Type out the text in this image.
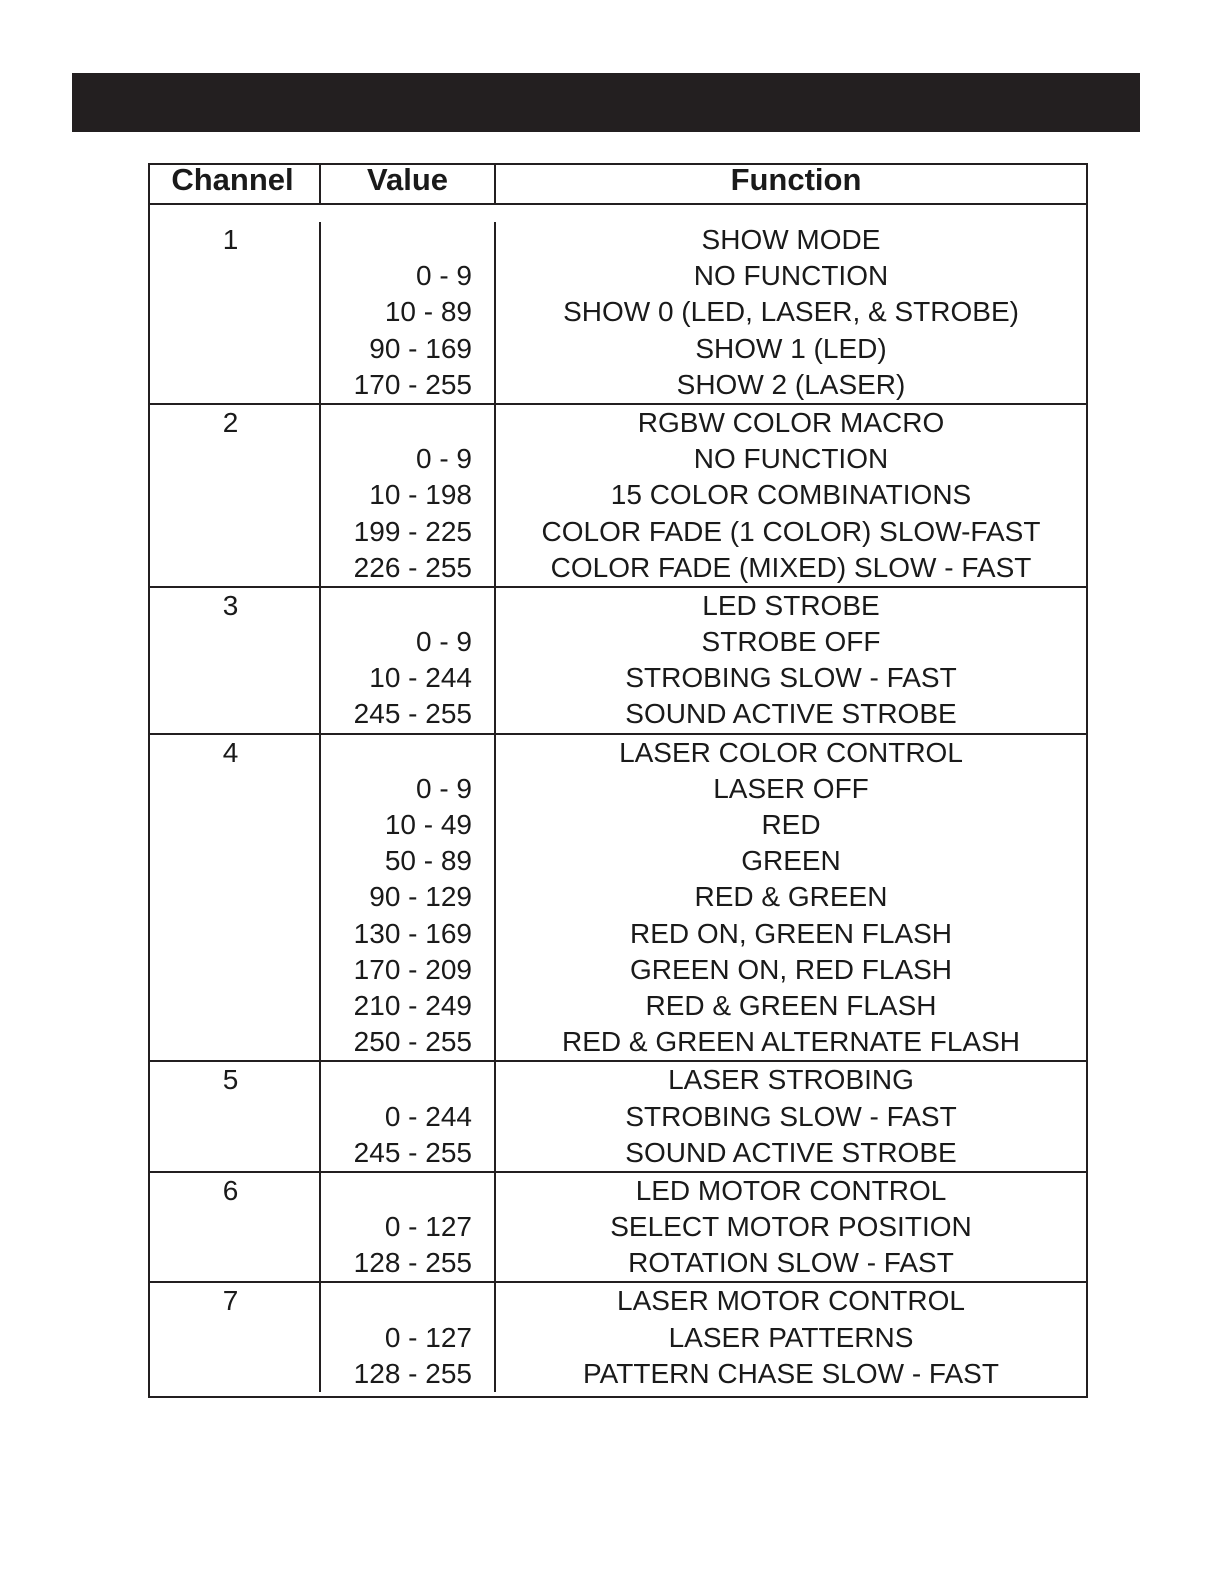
Channel	Value	Function
1
0 - 9
10 - 89
90 - 169
170 - 255
SHOW MODE
NO FUNCTION
SHOW 0 (LED, LASER, & STROBE)
SHOW 1 (LED)
SHOW 2 (LASER)
2
0 - 9
10 - 198
199 - 225
226 - 255
RGBW COLOR MACRO
NO FUNCTION
15 COLOR COMBINATIONS
COLOR FADE (1 COLOR) SLOW-FAST
COLOR FADE (MIXED) SLOW - FAST
3
0 - 9
10 - 244
245 - 255
LED STROBE
STROBE OFF
STROBING SLOW - FAST
SOUND ACTIVE STROBE
4
0 - 9
10 - 49
50 - 89
90 - 129
130 - 169
170 - 209
210 - 249
250 - 255
LASER COLOR CONTROL
LASER OFF
RED
GREEN
RED & GREEN
RED ON, GREEN FLASH
GREEN ON, RED FLASH
RED & GREEN FLASH
RED & GREEN ALTERNATE FLASH
5
0 - 244
245 - 255
LASER STROBING
STROBING SLOW - FAST
SOUND ACTIVE STROBE
6
0 - 127
128 - 255
LED MOTOR CONTROL
SELECT MOTOR POSITION
ROTATION SLOW - FAST
7
0 - 127
128 - 255
LASER MOTOR CONTROL
LASER PATTERNS
PATTERN CHASE SLOW - FAST
